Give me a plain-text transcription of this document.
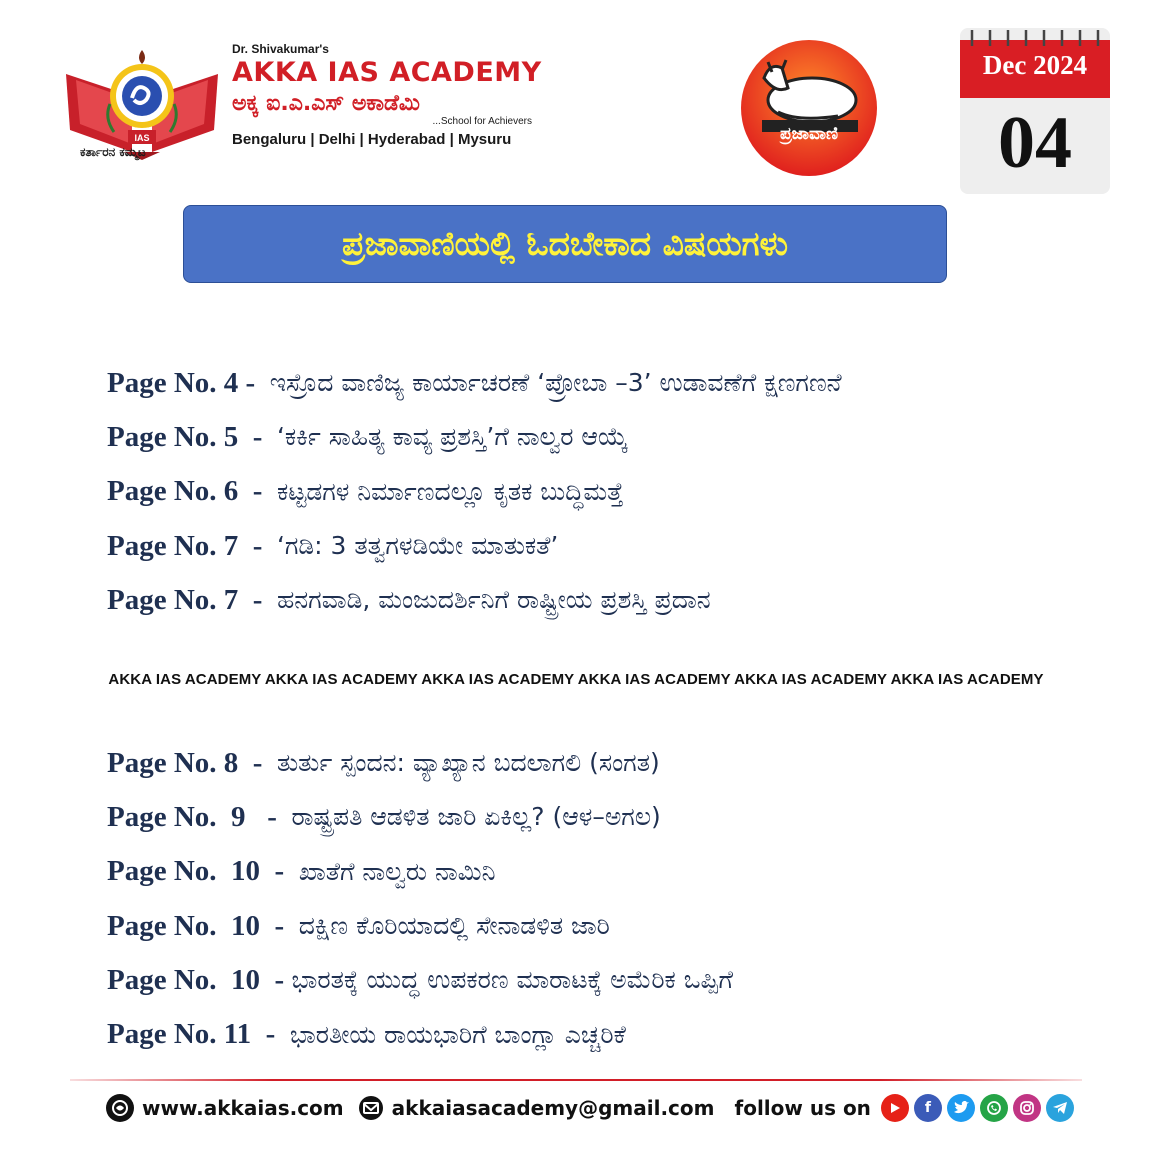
IAS
ಕರ್ತಾರನ ಕಮ್ಮಟ
Dr. Shivakumar's
AKKA IAS ACADEMY
ಅಕ್ಕ ಐ.ಎ.ಎಸ್ ಅಕಾಡೆಮಿ
...School for Achievers
Bengaluru | Delhi | Hyderabad | Mysuru	ಪ್ರಜಾವಾಣಿ
Dec 2024
04
ಪ್ರಜಾವಾಣಿಯಲ್ಲಿ ಓದಬೇಕಾದ ವಿಷಯಗಳು
Page No. 4 - ಇಸ್ರೊದ ವಾಣಿಜ್ಯ ಕಾರ್ಯಾಚರಣೆ ‘ಪ್ರೋಬಾ –3’ ಉಡಾವಣೆಗೆ ಕ್ಷಣಗಣನೆ
Page No. 5  - ‘ಕರ್ಕಿ ಸಾಹಿತ್ಯ ಕಾವ್ಯ ಪ್ರಶಸ್ತಿ’ಗೆ ನಾಲ್ವರ ಆಯ್ಕೆ
Page No. 6  - ಕಟ್ಟಡಗಳ ನಿರ್ಮಾಣದಲ್ಲೂ ಕೃತಕ ಬುದ್ಧಿಮತ್ತೆ
Page No. 7  - ‘ಗಡಿ: 3 ತತ್ವಗಳಡಿಯೇ ಮಾತುಕತೆ’
Page No. 7  - ಹನಗವಾಡಿ, ಮಂಜುದರ್ಶಿನಿಗೆ ರಾಷ್ಟ್ರೀಯ ಪ್ರಶಸ್ತಿ ಪ್ರದಾನ
AKKA IAS ACADEMY AKKA IAS ACADEMY AKKA IAS ACADEMY AKKA IAS ACADEMY AKKA IAS ACADEMY AKKA IAS ACADEMY
Page No. 8  - ತುರ್ತು ಸ್ಪಂದನ: ವ್ಯಾಖ್ಯಾನ ಬದಲಾಗಲಿ (ಸಂಗತ)
Page No.  9   - ರಾಷ್ಟ್ರಪತಿ ಆಡಳಿತ ಜಾರಿ ಏಕಿಲ್ಲ? (ಆಳ–ಅಗಲ)
Page No.  10  - ಖಾತೆಗೆ ನಾಲ್ವರು ನಾಮಿನಿ
Page No.  10  - ದಕ್ಷಿಣ ಕೊರಿಯಾದಲ್ಲಿ ಸೇನಾಡಳಿತ ಜಾರಿ
Page No.  10  - ಭಾರತಕ್ಕೆ ಯುದ್ಧ ಉಪಕರಣ ಮಾರಾಟಕ್ಕೆ ಅಮೆರಿಕ ಒಪ್ಪಿಗೆ
Page No. 11  - ಭಾರತೀಯ ರಾಯಭಾರಿಗೆ ಬಾಂಗ್ಲಾ ಎಚ್ಚರಿಕೆ
www.akkaias.com akkaiasacademy@gmail.com follow us on	f
